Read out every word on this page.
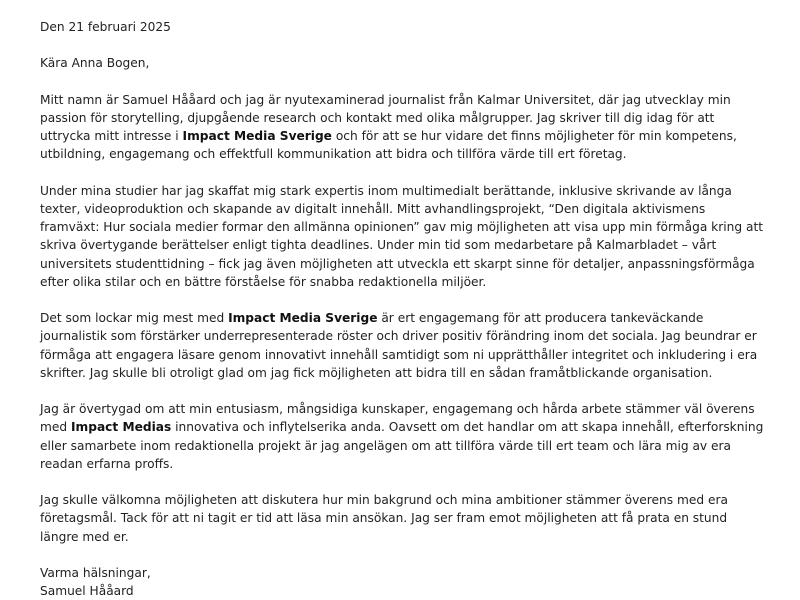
Den 21 februari 2025

Kära Anna Bogen,

Mitt namn är Samuel Hååard och jag är nyutexaminerad journalist från Kalmar Universitet, där jag utvecklay min passion för storytelling, djupgående research och kontakt med olika målgrupper. Jag skriver till dig idag för att uttrycka mitt intresse i Impact Media Sverige och för att se hur vidare det finns möjligheter för min kompetens, utbildning, engagemang och effektfull kommunikation att bidra och tillföra värde till ert företag.

Under mina studier har jag skaffat mig stark expertis inom multimedialt berättande, inklusive skrivande av långa texter, videoproduktion och skapande av digitalt innehåll. Mitt avhandlingsprojekt, “Den digitala aktivismens framväxt: Hur sociala medier formar den allmänna opinionen” gav mig möjligheten att visa upp min förmåga kring att skriva övertygande berättelser enligt tighta deadlines. Under min tid som medarbetare på Kalmarbladet – vårt universitets studenttidning – fick jag även möjligheten att utveckla ett skarpt sinne för detaljer, anpassningsförmåga efter olika stilar och en bättre förståelse för snabba redaktionella miljöer.

Det som lockar mig mest med Impact Media Sverige är ert engagemang för att producera tankeväckande journalistik som förstärker underrepresenterade röster och driver positiv förändring inom det sociala. Jag beundrar er förmåga att engagera läsare genom innovativt innehåll samtidigt som ni upprätthåller integritet och inkludering i era skrifter. Jag skulle bli otroligt glad om jag fick möjligheten att bidra till en sådan framåtblickande organisation.

Jag är övertygad om att min entusiasm, mångsidiga kunskaper, engagemang och hårda arbete stämmer väl överens med Impact Medias innovativa och inflytelserika anda. Oavsett om det handlar om att skapa innehåll, efterforskning eller samarbete inom redaktionella projekt är jag angelägen om att tillföra värde till ert team och lära mig av era readan erfarna proffs.

Jag skulle välkomna möjligheten att diskutera hur min bakgrund och mina ambitioner stämmer överens med era företagsmål. Tack för att ni tagit er tid att läsa min ansökan. Jag ser fram emot möjligheten att få prata en stund längre med er.

Varma hälsningar,

Samuel Hååard
